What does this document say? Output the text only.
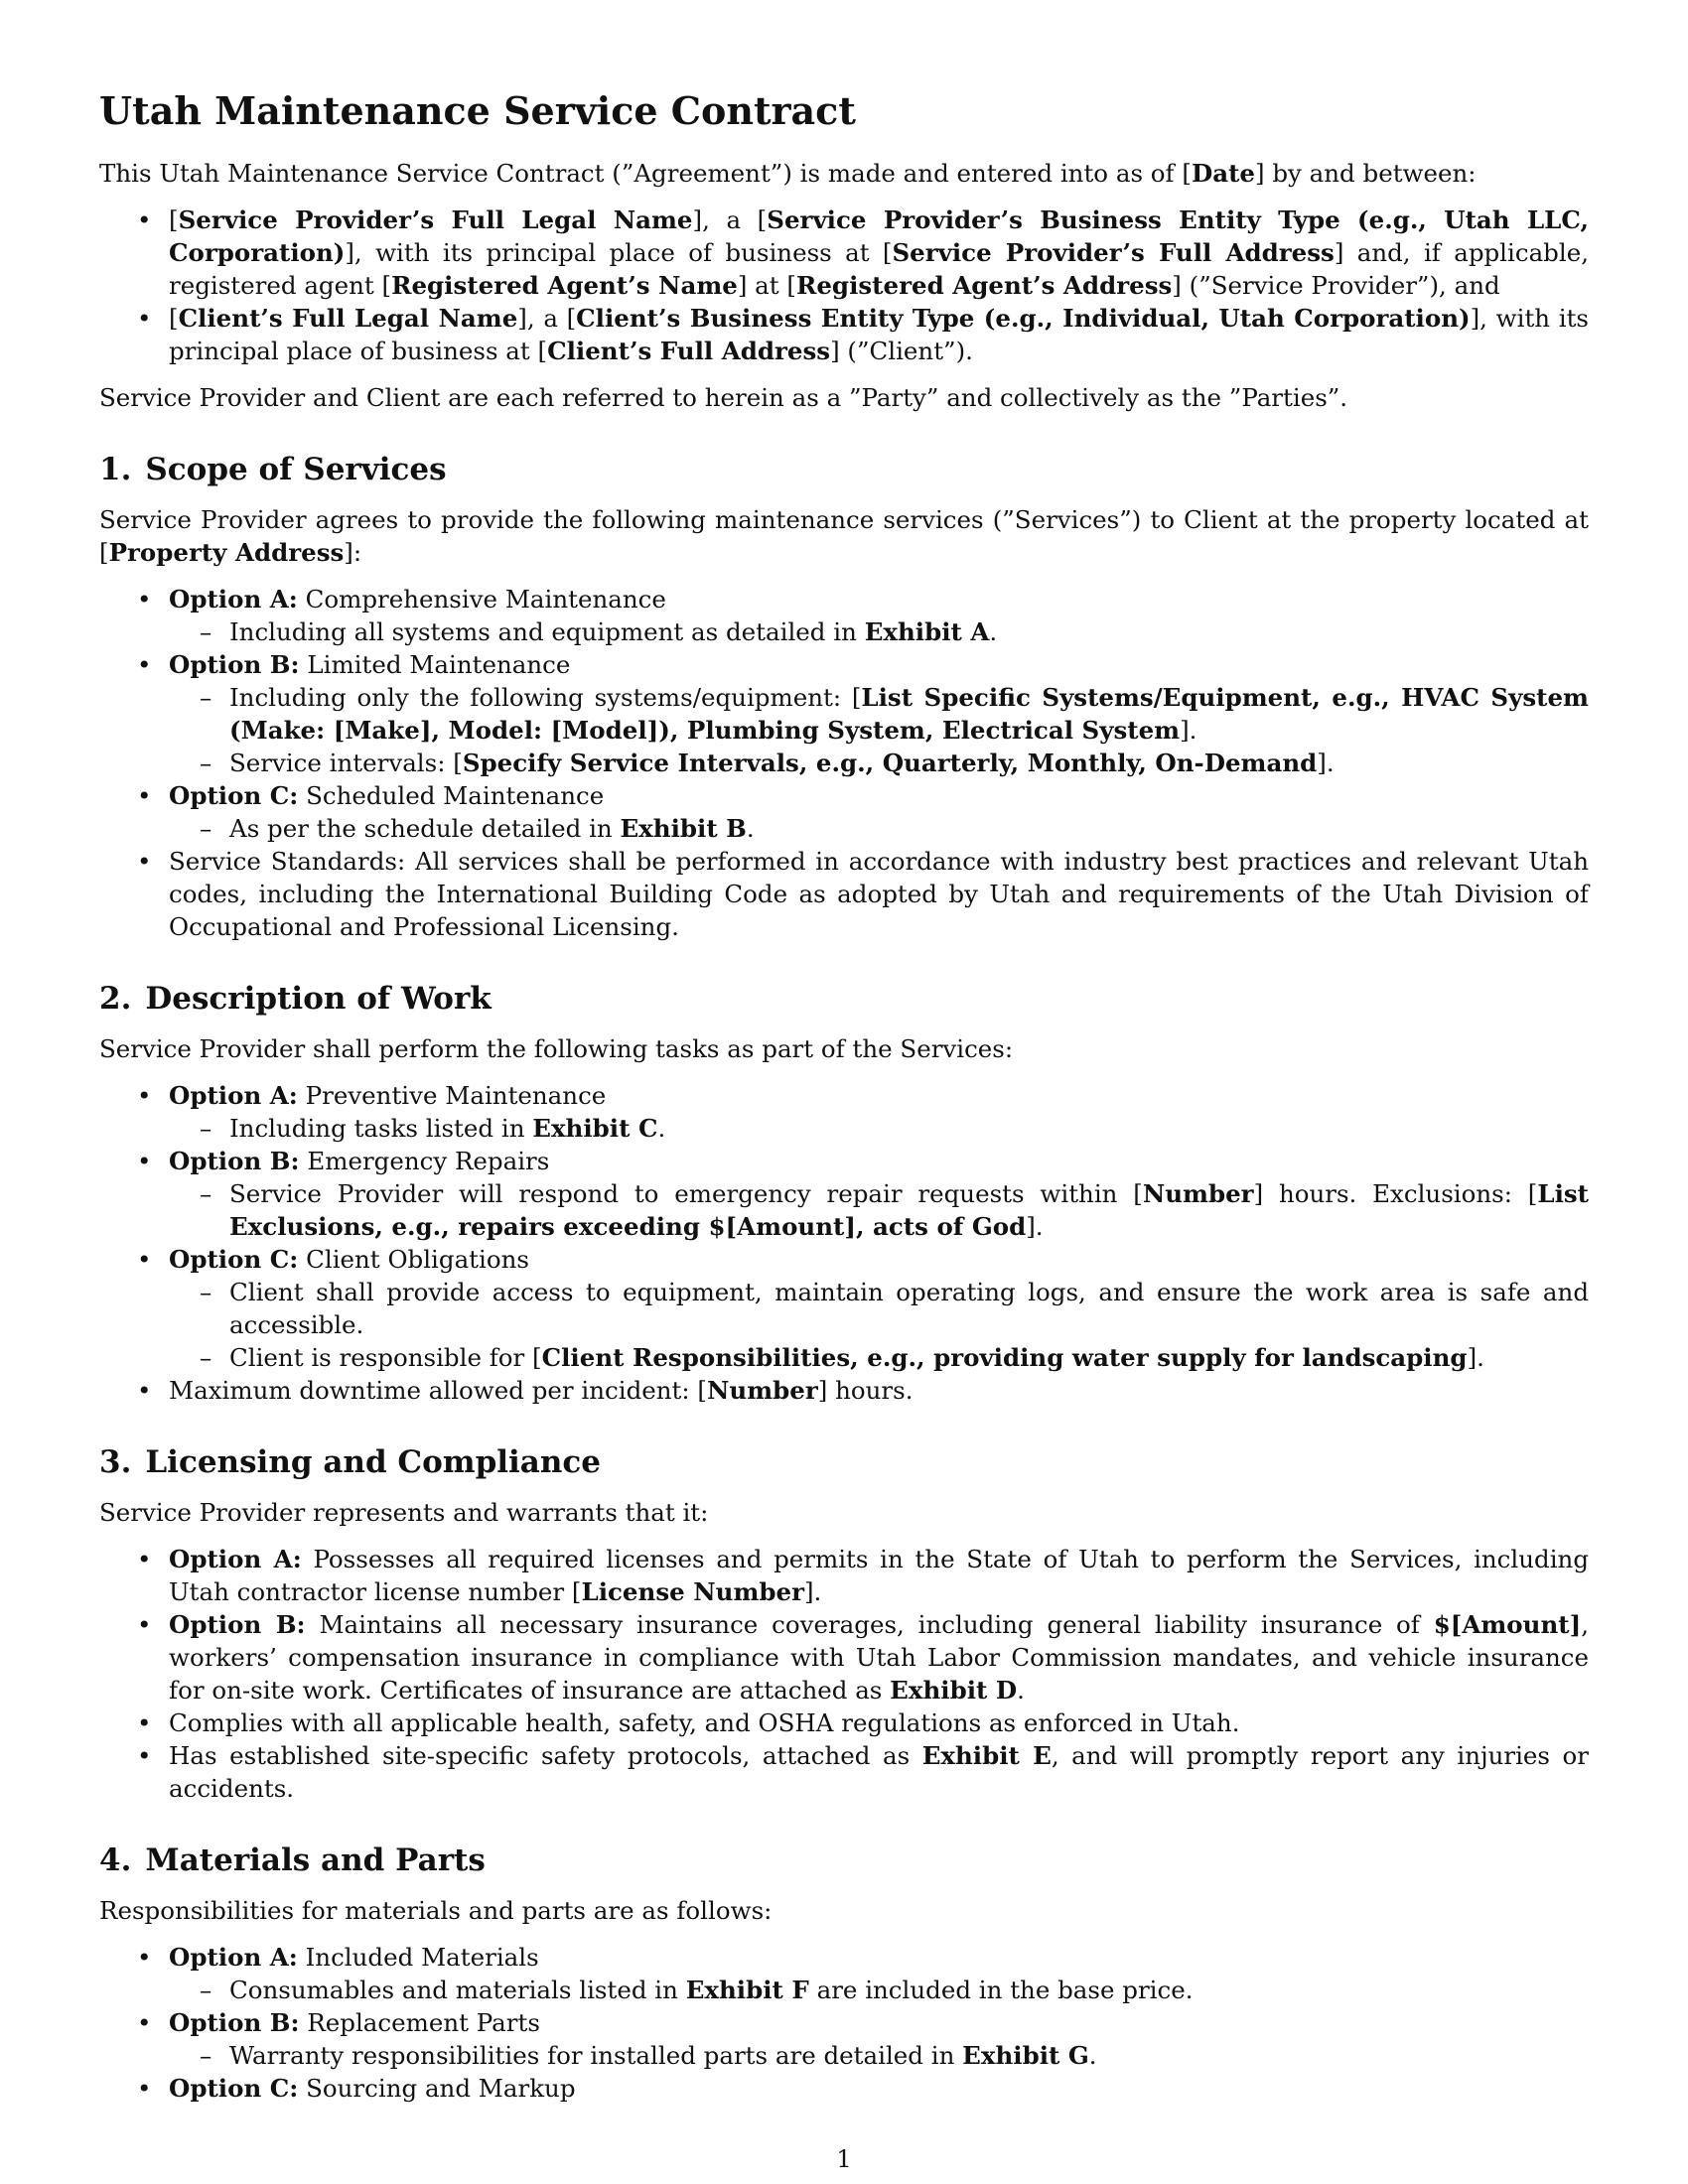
Utah Maintenance Service Contract

This Utah Maintenance Service Contract (”Agreement”) is made and entered into as of [Date] by and between:

• [Service Provider’s Full Legal Name], a [Service Provider’s Business Entity Type (e.g., Utah LLC, Corporation)], with its principal place of business at [Service Provider’s Full Address] and, if applicable, registered agent [Registered Agent’s Name] at [Registered Agent’s Address] (”Service Provider”), and
• [Client’s Full Legal Name], a [Client’s Business Entity Type (e.g., Individual, Utah Corporation)], with its principal place of business at [Client’s Full Address] (”Client”).

Service Provider and Client are each referred to herein as a ”Party” and collectively as the ”Parties”.

1. Scope of Services

Service Provider agrees to provide the following maintenance services (”Services”) to Client at the property located at [Property Address]:

• Option A: Comprehensive Maintenance
– Including all systems and equipment as detailed in Exhibit A.
• Option B: Limited Maintenance
– Including only the following systems/equipment: [List Specific Systems/Equipment, e.g., HVAC System (Make: [Make], Model: [Model]), Plumbing System, Electrical System].
– Service intervals: [Specify Service Intervals, e.g., Quarterly, Monthly, On-Demand].
• Option C: Scheduled Maintenance
– As per the schedule detailed in Exhibit B.
• Service Standards: All services shall be performed in accordance with industry best practices and relevant Utah codes, including the International Building Code as adopted by Utah and requirements of the Utah Division of Occupational and Professional Licensing.
2. Description of Work

Service Provider shall perform the following tasks as part of the Services:

• Option A: Preventive Maintenance
– Including tasks listed in Exhibit C.
• Option B: Emergency Repairs
– Service Provider will respond to emergency repair requests within [Number] hours. Exclusions: [List Exclusions, e.g., repairs exceeding $[Amount], acts of God].
• Option C: Client Obligations
– Client shall provide access to equipment, maintain operating logs, and ensure the work area is safe and accessible.
– Client is responsible for [Client Responsibilities, e.g., providing water supply for landscaping].
• Maximum downtime allowed per incident: [Number] hours.
3. Licensing and Compliance

Service Provider represents and warrants that it:

• Option A: Possesses all required licenses and permits in the State of Utah to perform the Services, including Utah contractor license number [License Number].
• Option B: Maintains all necessary insurance coverages, including general liability insurance of $[Amount], workers’ compensation insurance in compliance with Utah Labor Commission mandates, and vehicle insurance for on-site work. Certificates of insurance are attached as Exhibit D.
• Complies with all applicable health, safety, and OSHA regulations as enforced in Utah.
• Has established site-specific safety protocols, attached as Exhibit E, and will promptly report any injuries or accidents.
4. Materials and Parts

Responsibilities for materials and parts are as follows:

• Option A: Included Materials
– Consumables and materials listed in Exhibit F are included in the base price.
• Option B: Replacement Parts
– Warranty responsibilities for installed parts are detailed in Exhibit G.
• Option C: Sourcing and Markup
1
